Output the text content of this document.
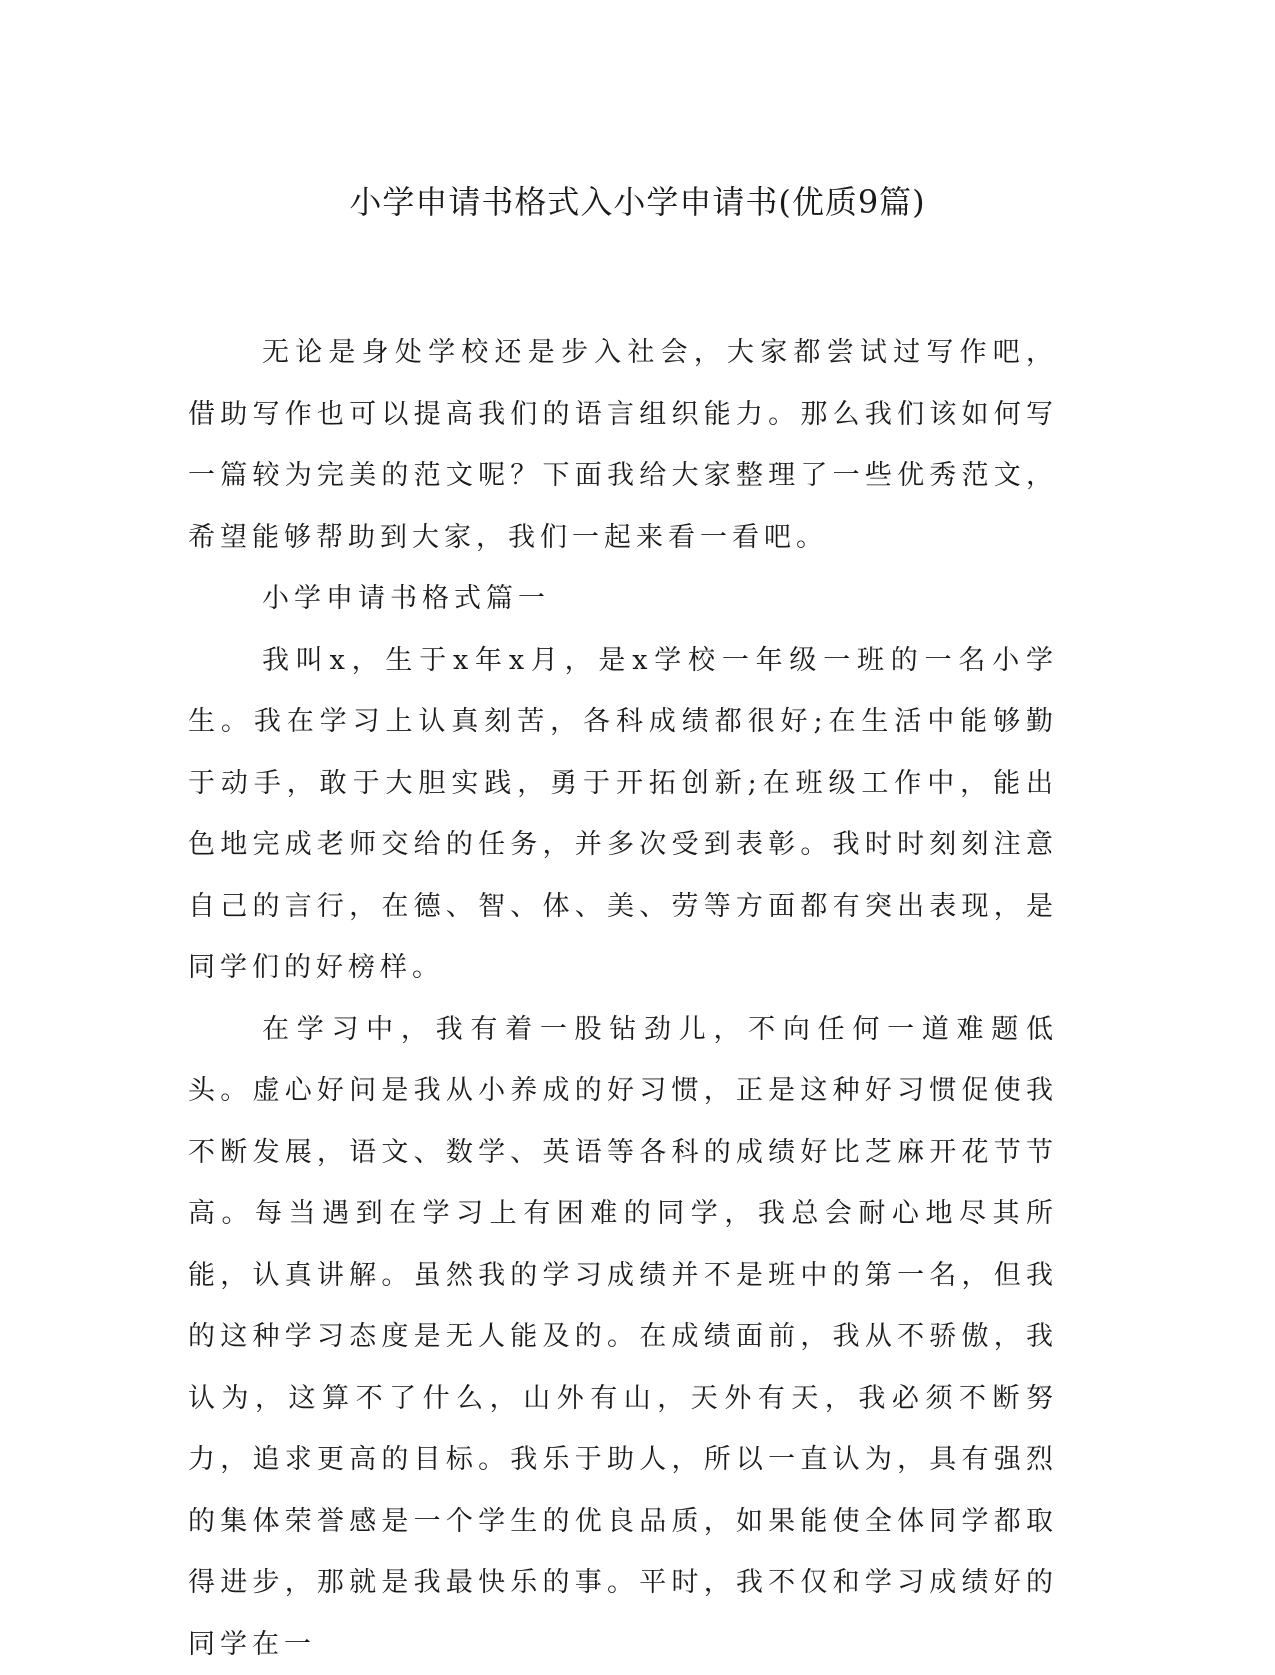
小学申请书格式入小学申请书(优质9篇)

无论是身处学校还是步入社会，大家都尝试过写作吧，借助写作也可以提高我们的语言组织能力。那么我们该如何写一篇较为完美的范文呢？下面我给大家整理了一些优秀范文，希望能够帮助到大家，我们一起来看一看吧。

小学申请书格式篇一

我叫x，生于x年x月，是x学校一年级一班的一名小学生。我在学习上认真刻苦，各科成绩都很好;在生活中能够勤于动手，敢于大胆实践，勇于开拓创新;在班级工作中，能出色地完成老师交给的任务，并多次受到表彰。我时时刻刻注意自己的言行，在德、智、体、美、劳等方面都有突出表现，是同学们的好榜样。

在学习中，我有着一股钻劲儿，不向任何一道难题低头。虚心好问是我从小养成的好习惯，正是这种好习惯促使我不断发展，语文、数学、英语等各科的成绩好比芝麻开花节节高。每当遇到在学习上有困难的同学，我总会耐心地尽其所能，认真讲解。虽然我的学习成绩并不是班中的第一名，但我的这种学习态度是无人能及的。在成绩面前，我从不骄傲，我认为，这算不了什么，山外有山，天外有天，我必须不断努力，追求更高的目标。我乐于助人，所以一直认为，具有强烈的集体荣誉感是一个学生的优良品质，如果能使全体同学都取得进步，那就是我最快乐的事。平时，我不仅和学习成绩好的同学在一
